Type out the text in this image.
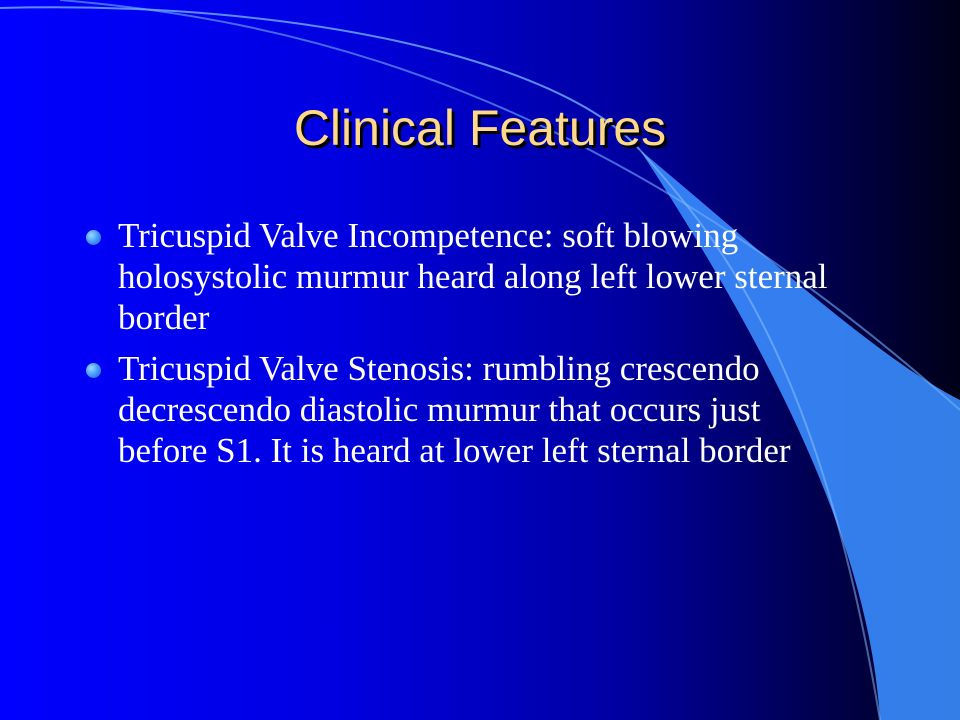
Clinical Features
Tricuspid Valve Incompetence: soft blowing holosystolic murmur heard along left lower sternal border
Tricuspid Valve Stenosis: rumbling crescendo decrescendo diastolic murmur that occurs just before S1. It is heard at lower left sternal border
